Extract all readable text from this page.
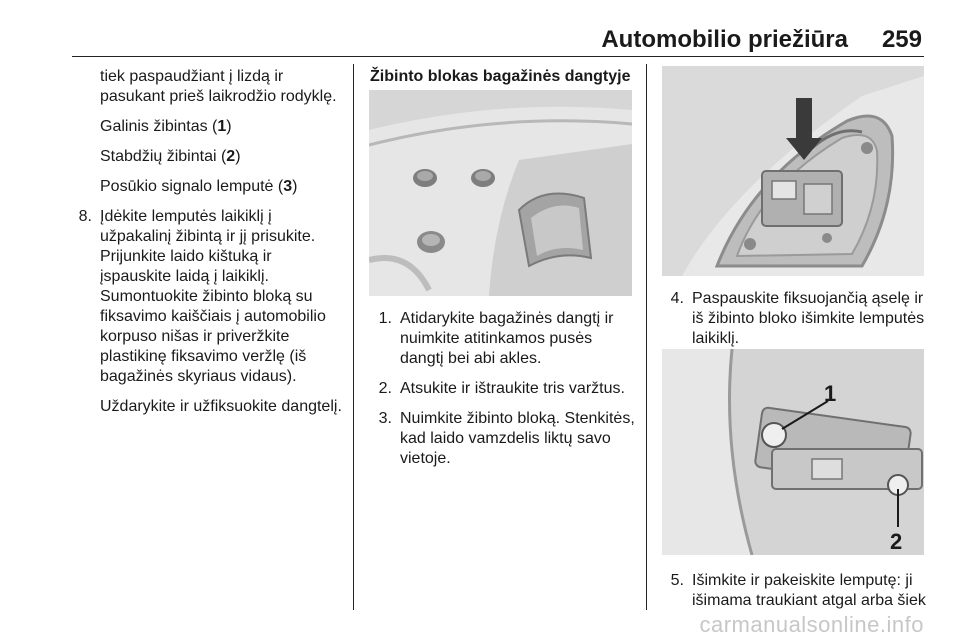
Automobilio priežiūra 259

tiek paspaudžiant į lizdą ir pasukant prieš laikrodžio rodyklę.

Galinis žibintas (1)

Stabdžių žibintai (2)

Posūkio signalo lemputė (3)

8. Įdėkite lemputės laikiklį į užpakalinį žibintą ir jį prisukite. Prijunkite laido kištuką ir įspauskite laidą į laikiklį. Sumontuokite žibinto bloką su fiksavimo kaiščiais į automobilio korpuso nišas ir priveržkite plastikinę fiksavimo veržlę (iš bagažinės skyriaus vidaus).
Uždarykite ir užfiksuokite dangtelį.
Žibinto blokas bagažinės dangtyje
1. Atidarykite bagažinės dangtį ir nuimkite atitinkamos pusės dangtį bei abi akles.
2. Atsukite ir ištraukite tris varžtus.
3. Nuimkite žibinto bloką. Stenkitės, kad laido vamzdelis liktų savo vietoje.
4. Paspauskite fiksuojančią ąselę ir iš žibinto bloko išimkite lemputės laikiklį.
1
2
5. Išimkite ir pakeiskite lemputę: ji išimama traukiant atgal arba šiek
carmanualsonline.info
